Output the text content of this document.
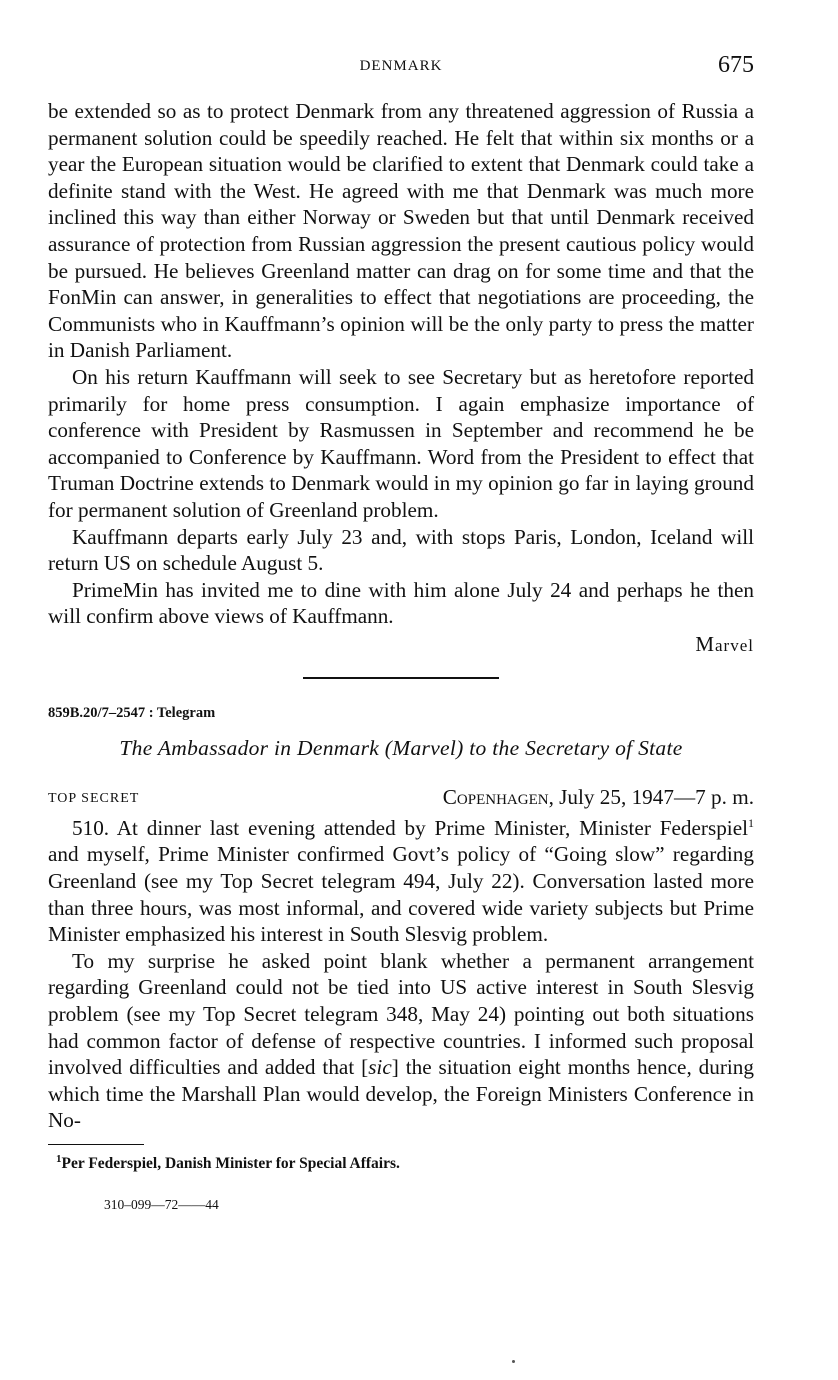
DENMARK	675

be extended so as to protect Denmark from any threatened aggression of Russia a permanent solution could be speedily reached. He felt that within six months or a year the European situation would be clarified to extent that Denmark could take a definite stand with the West. He agreed with me that Denmark was much more inclined this way than either Norway or Sweden but that until Denmark received assurance of protection from Russian aggression the present cautious policy would be pursued. He believes Greenland matter can drag on for some time and that the FonMin can answer, in generalities to effect that negotiations are proceeding, the Communists who in Kauffmann’s opinion will be the only party to press the matter in Danish Parliament.

On his return Kauffmann will seek to see Secretary but as heretofore reported primarily for home press consumption. I again emphasize importance of conference with President by Rasmussen in September and recommend he be accompanied to Conference by Kauffmann. Word from the President to effect that Truman Doctrine extends to Denmark would in my opinion go far in laying ground for permanent solution of Greenland problem.

Kauffmann departs early July 23 and, with stops Paris, London, Iceland will return US on schedule August 5.

PrimeMin has invited me to dine with him alone July 24 and perhaps he then will confirm above views of Kauffmann.

Marvel
859B.20/7–2547 : Telegram
The Ambassador in Denmark (Marvel) to the Secretary of State
TOP SECRET	Copenhagen, July 25, 1947—7 p. m.

510. At dinner last evening attended by Prime Minister, Minister Federspiel$^1$ and myself, Prime Minister confirmed Govt’s policy of “Going slow” regarding Greenland (see my Top Secret telegram 494, July 22). Conversation lasted more than three hours, was most informal, and covered wide variety subjects but Prime Minister emphasized his interest in South Slesvig problem.

To my surprise he asked point blank whether a permanent arrangement regarding Greenland could not be tied into US active interest in South Slesvig problem (see my Top Secret telegram 348, May 24) pointing out both situations had common factor of defense of respective countries. I informed such proposal involved difficulties and added that [sic] the situation eight months hence, during which time the Marshall Plan would develop, the Foreign Ministers Conference in No-

$^1$Per Federspiel, Danish Minister for Special Affairs.
310–099—72——44
